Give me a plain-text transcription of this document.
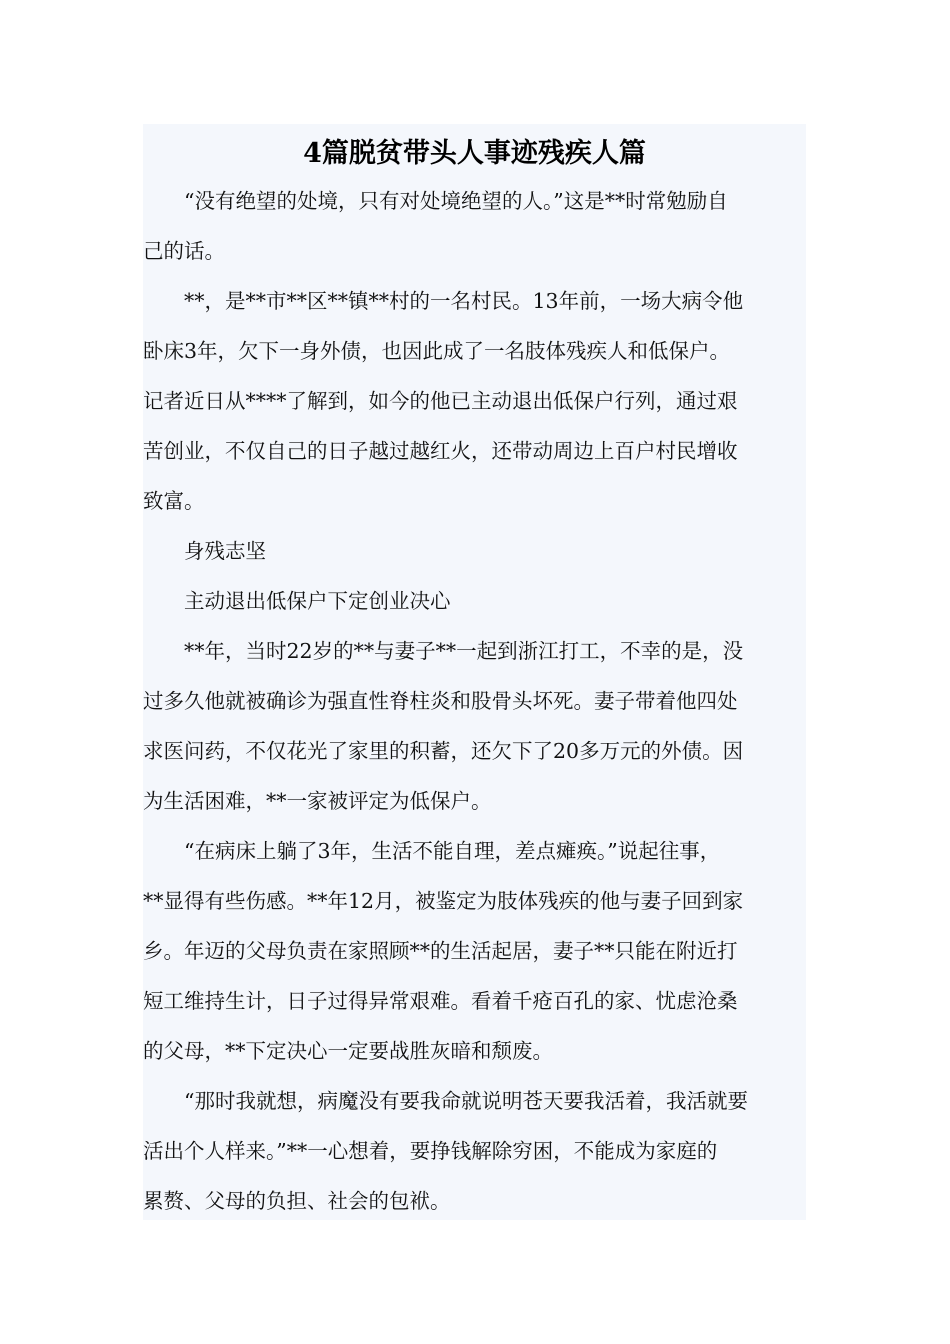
4篇脱贫带头人事迹残疾人篇

“没有绝望的处境，只有对处境绝望的人。”这是**时常勉励自
己的话。

**，是**市**区**镇**村的一名村民。13年前，一场大病令他
卧床3年，欠下一身外债，也因此成了一名肢体残疾人和低保户。
记者近日从****了解到，如今的他已主动退出低保户行列，通过艰
苦创业，不仅自己的日子越过越红火，还带动周边上百户村民增收
致富。

身残志坚

主动退出低保户下定创业决心

**年，当时22岁的**与妻子**一起到浙江打工，不幸的是，没
过多久他就被确诊为强直性脊柱炎和股骨头坏死。妻子带着他四处
求医问药，不仅花光了家里的积蓄，还欠下了20多万元的外债。因
为生活困难，**一家被评定为低保户。

“在病床上躺了3年，生活不能自理，差点瘫痪。”说起往事，
**显得有些伤感。**年12月，被鉴定为肢体残疾的他与妻子回到家
乡。年迈的父母负责在家照顾**的生活起居，妻子**只能在附近打
短工维持生计，日子过得异常艰难。看着千疮百孔的家、忧虑沧桑
的父母，**下定决心一定要战胜灰暗和颓废。

“那时我就想，病魔没有要我命就说明苍天要我活着，我活就要
活出个人样来。”**一心想着，要挣钱解除穷困，不能成为家庭的
累赘、父母的负担、社会的包袱。
